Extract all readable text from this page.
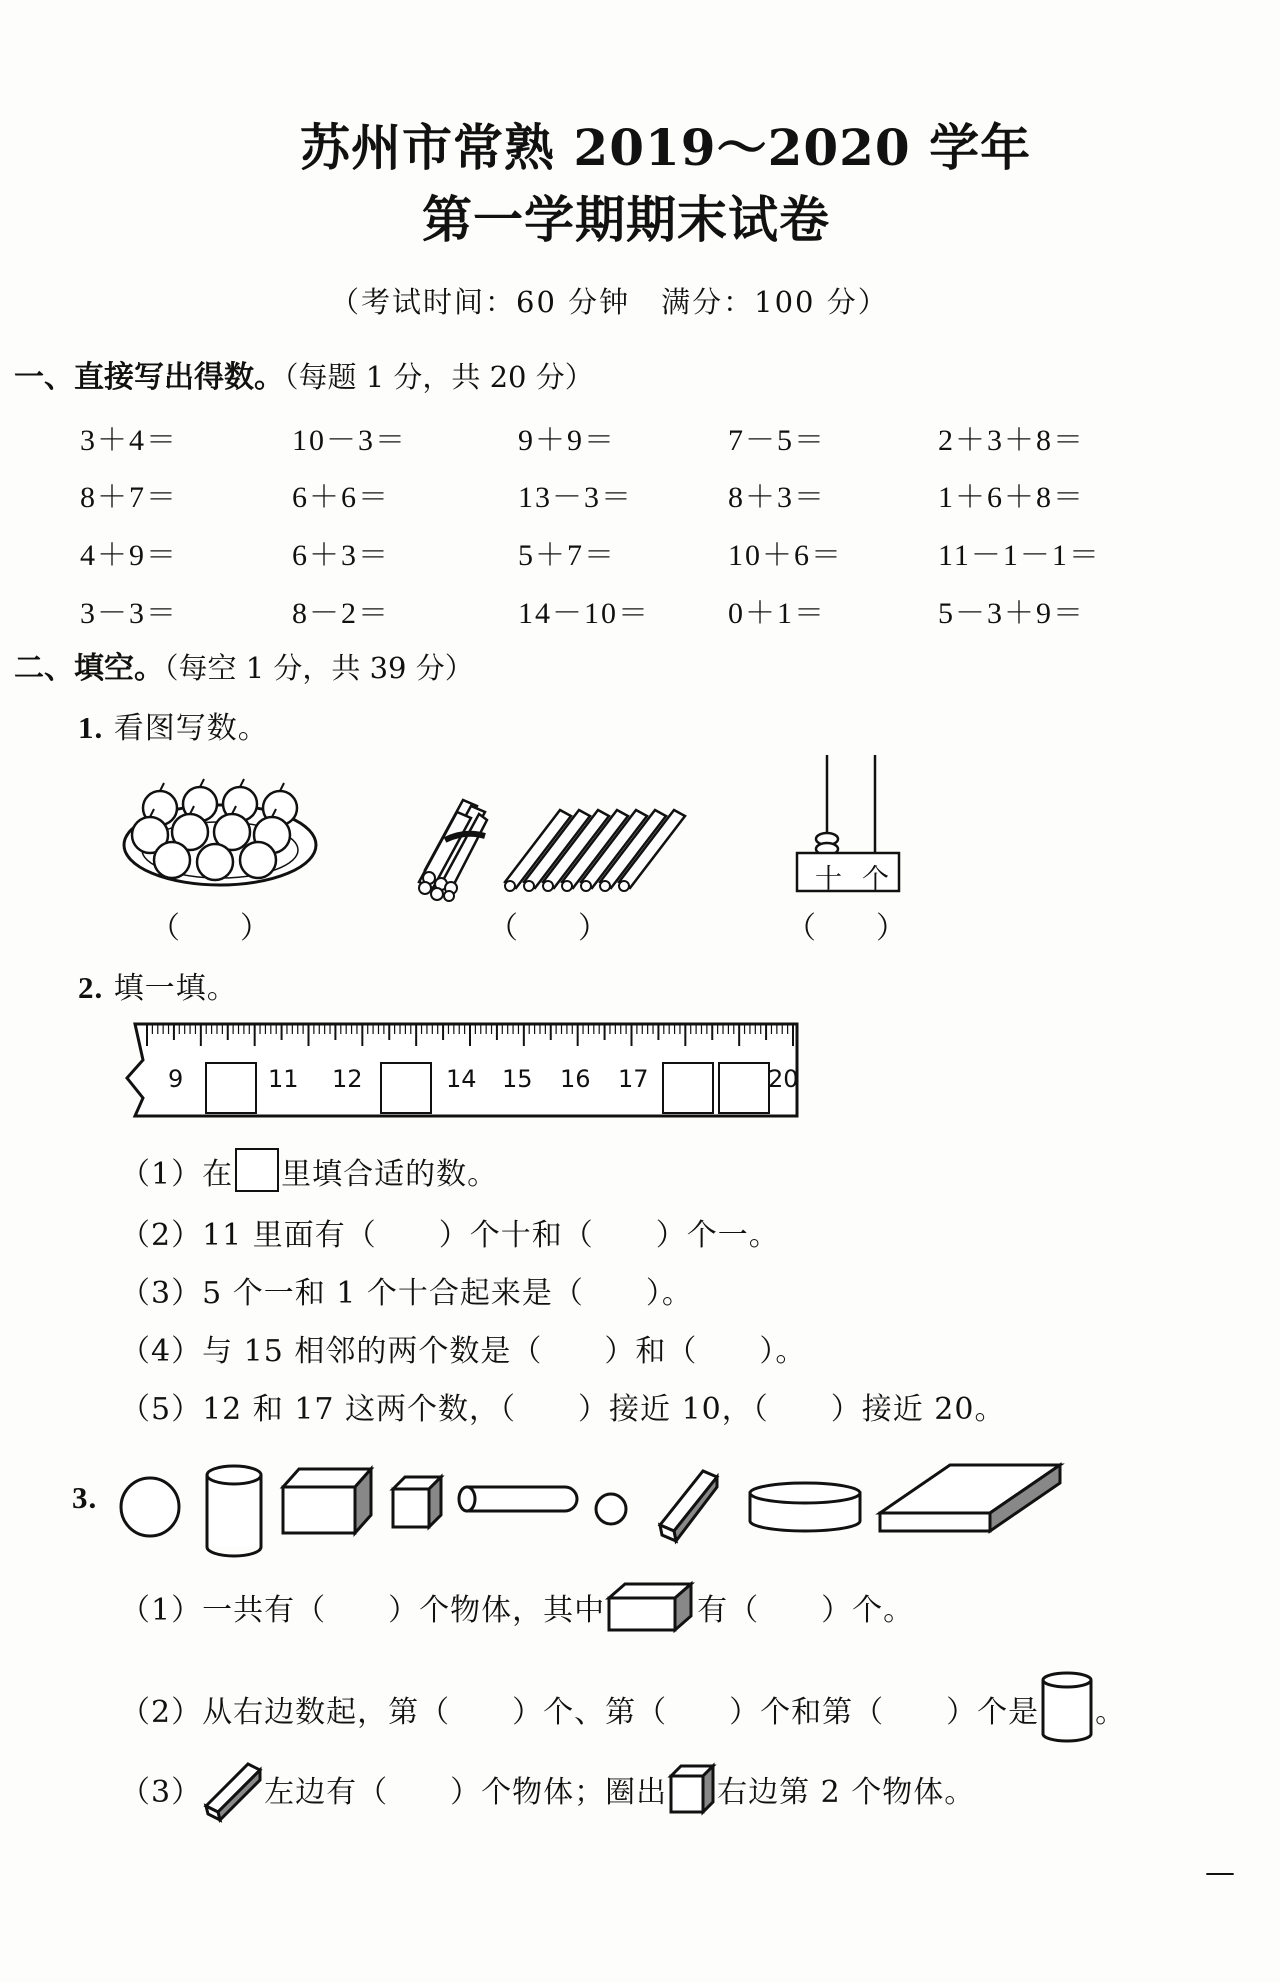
苏州市常熟 2019～2020 学年
第一学期期末试卷
（考试时间：60 分钟　满分：100 分）
一、直接写出得数。（每题 1 分，共 20 分）
3＋4＝	10－3＝	9＋9＝	7－5＝	2＋3＋8＝
8＋7＝	6＋6＝	13－3＝	8＋3＝	1＋6＋8＝
4＋9＝	6＋3＝	5＋7＝	10＋6＝	11－1－1＝
3－3＝	8－2＝	14－10＝	0＋1＝	5－3＋9＝
二、填空。（每空 1 分，共 39 分）
1. 看图写数。
十 个
（　　）	（　　）	（　　）
2. 填一填。
9	11 12	14 15 16 17	20
（1）在 里填合适的数。
（2）11 里面有（　　）个十和（　　）个一。
（3）5 个一和 1 个十合起来是（　　）。
（4）与 15 相邻的两个数是（　　）和（　　）。
（5）12 和 17 这两个数，（　　）接近 10，（　　）接近 20。
3.
（1）一共有（　　）个物体，其中	有（　　）个。
（2）从右边数起，第（　　）个、第（　　）个和第（　　）个是 。
（3） 左边有（　　）个物体；圈出 右边第 2 个物体。
—
